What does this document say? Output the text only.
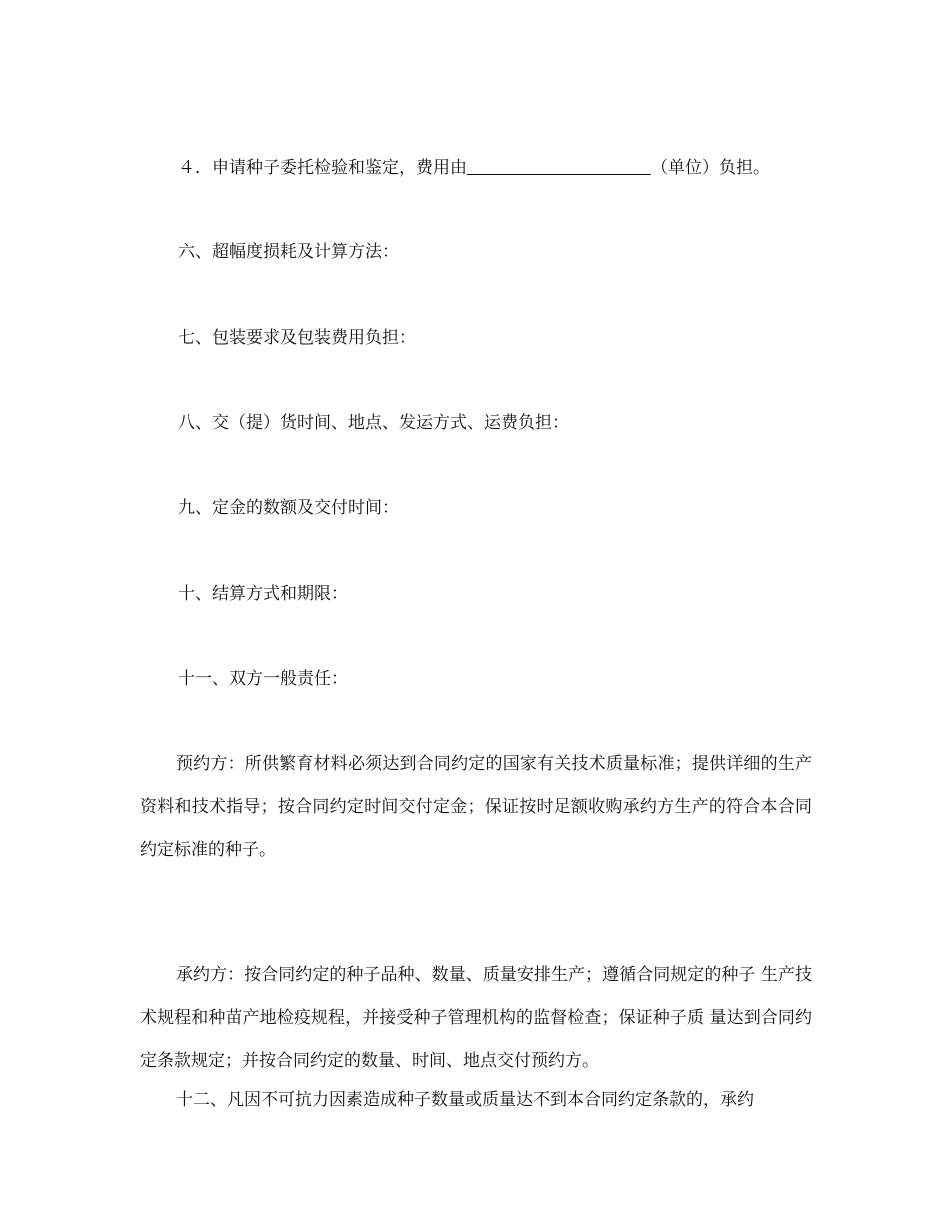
４．申请种子委托检验和鉴定，费用由	（单位）负担。
六、超幅度损耗及计算方法：
七、包装要求及包装费用负担：
八、交（提）货时间、地点、发运方式、运费负担：
九、定金的数额及交付时间：
十、结算方式和期限：
十一、双方一般责任：
预约方：所供繁育材料必须达到合同约定的国家有关技术质量标准；提供详细的生产资料和技术指导；按合同约定时间交付定金；保证按时足额收购承约方生产的符合本合同约定标准的种子。
承约方：按合同约定的种子品种、数量、质量安排生产；遵循合同规定的种子 生产技术规程和种苗产地检疫规程，并接受种子管理机构的监督检查；保证种子质 量达到合同约定条款规定；并按合同约定的数量、时间、地点交付预约方。
十二、凡因不可抗力因素造成种子数量或质量达不到本合同约定条款的，承约
